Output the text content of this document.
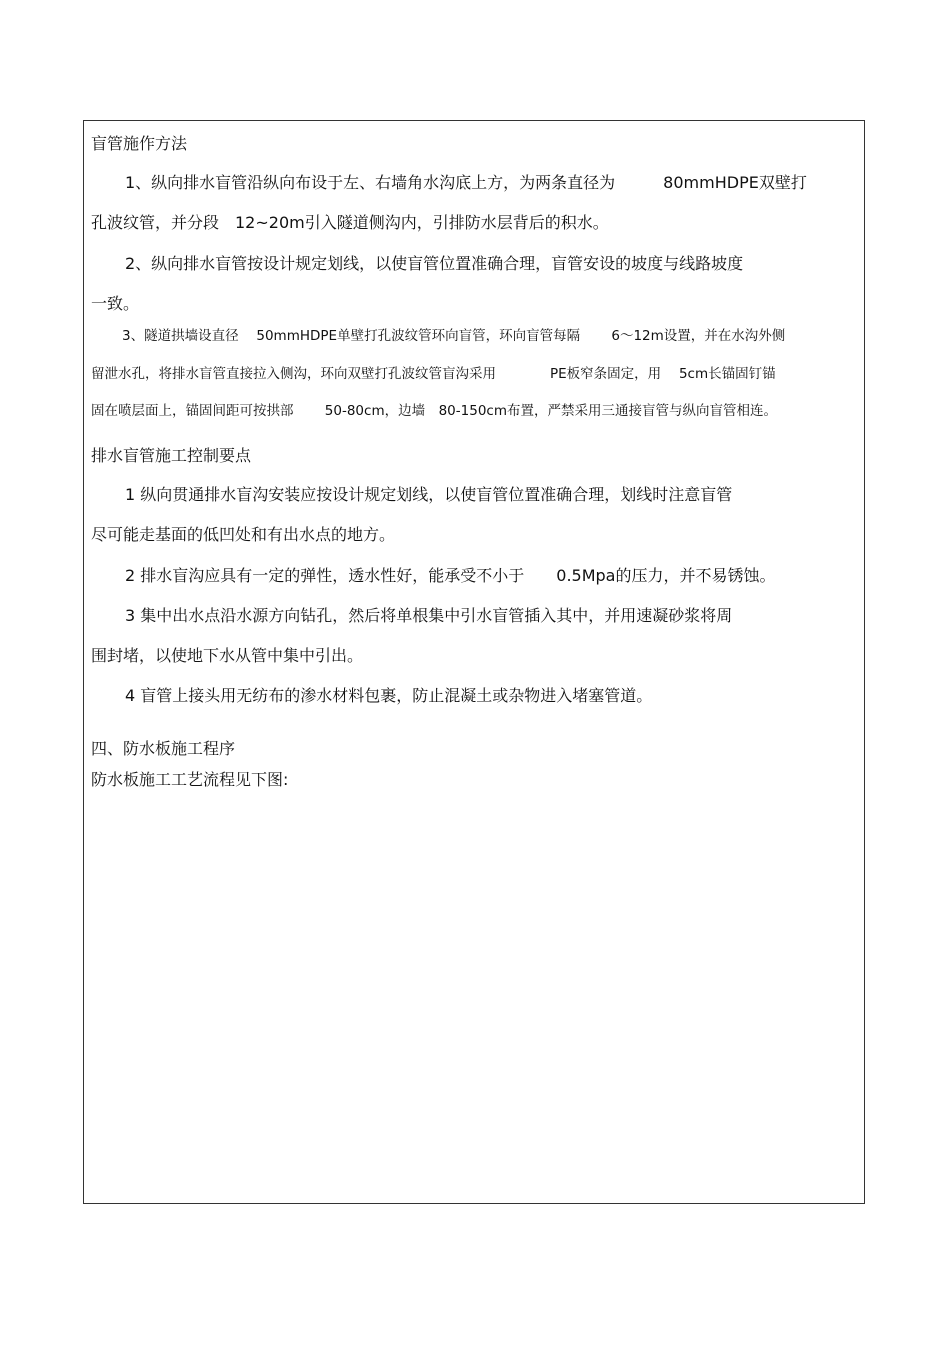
盲管施作方法
1、纵向排水盲管沿纵向布设于左、右墙角水沟底上方，为两条直径为　　　80mmHDPE双壁打
孔波纹管，并分段　12~20m引入隧道侧沟内，引排防水层背后的积水。
2、纵向排水盲管按设计规定划线，以使盲管位置准确合理，盲管安设的坡度与线路坡度
一致。
3、隧道拱墙设直径　 50mmHDPE单壁打孔波纹管环向盲管，环向盲管每隔　　 6～12m设置，并在水沟外侧
留泄水孔，将排水盲管直接拉入侧沟，环向双壁打孔波纹管盲沟采用　　　　PE板窄条固定，用　 5cm长锚固钉锚
固在喷层面上，锚固间距可按拱部　　 50-80cm，边墙　80-150cm布置，严禁采用三通接盲管与纵向盲管相连。
排水盲管施工控制要点
1 纵向贯通排水盲沟安装应按设计规定划线，以使盲管位置准确合理，划线时注意盲管
尽可能走基面的低凹处和有出水点的地方。
2 排水盲沟应具有一定的弹性，透水性好，能承受不小于　　0.5Mpa的压力，并不易锈蚀。
3 集中出水点沿水源方向钻孔，然后将单根集中引水盲管插入其中，并用速凝砂浆将周
围封堵，以使地下水从管中集中引出。
4 盲管上接头用无纺布的渗水材料包裹，防止混凝土或杂物进入堵塞管道。
四、防水板施工程序
防水板施工工艺流程见下图:
